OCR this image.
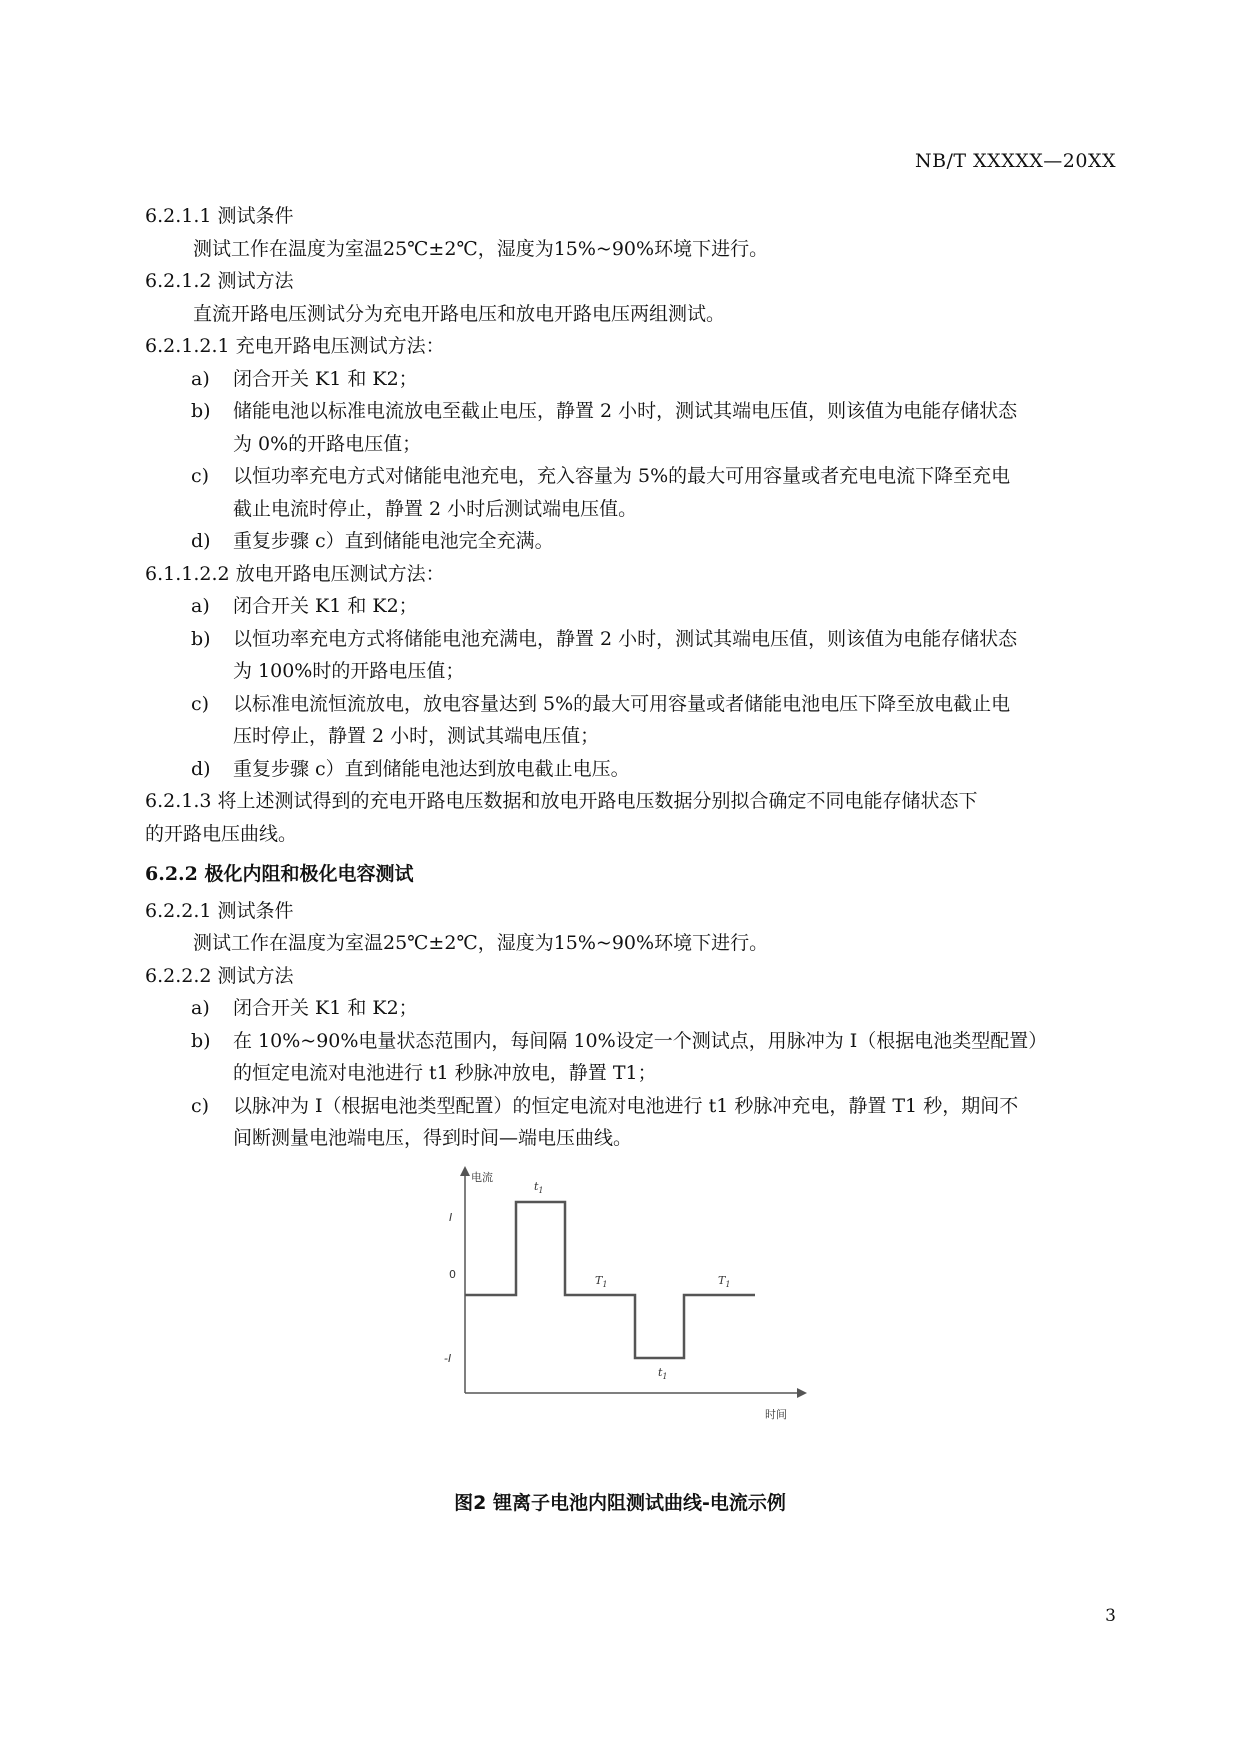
NB/T XXXXX—20XX
6.2.1.1 测试条件
测试工作在温度为室温25℃±2℃，湿度为15%~90%环境下进行。
6.2.1.2 测试方法
直流开路电压测试分为充电开路电压和放电开路电压两组测试。
6.2.1.2.1 充电开路电压测试方法：
a)	闭合开关 K1 和 K2；
b)	储能电池以标准电流放电至截止电压，静置 2 小时，测试其端电压值，则该值为电能存储状态
为 0%的开路电压值；
c)	以恒功率充电方式对储能电池充电，充入容量为 5%的最大可用容量或者充电电流下降至充电
截止电流时停止，静置 2 小时后测试端电压值。
d)	重复步骤 c）直到储能电池完全充满。
6.1.1.2.2 放电开路电压测试方法：
a)	闭合开关 K1 和 K2；
b)	以恒功率充电方式将储能电池充满电，静置 2 小时，测试其端电压值，则该值为电能存储状态
为 100%时的开路电压值；
c)	以标准电流恒流放电，放电容量达到 5%的最大可用容量或者储能电池电压下降至放电截止电
压时停止，静置 2 小时，测试其端电压值；
d)	重复步骤 c）直到储能电池达到放电截止电压。
6.2.1.3 将上述测试得到的充电开路电压数据和放电开路电压数据分别拟合确定不同电能存储状态下
的开路电压曲线。
6.2.2 极化内阻和极化电容测试
6.2.2.1 测试条件
测试工作在温度为室温25℃±2℃，湿度为15%~90%环境下进行。
6.2.2.2 测试方法
a)	闭合开关 K1 和 K2；
b)	在 10%~90%电量状态范围内，每间隔 10%设定一个测试点，用脉冲为 I（根据电池类型配置）
的恒定电流对电池进行 t1 秒脉冲放电，静置 T1；
c)	以脉冲为 I（根据电池类型配置）的恒定电流对电池进行 t1 秒脉冲充电，静置 T1 秒，期间不
间断测量电池端电压，得到时间—端电压曲线。
电流
时间
I
0
-I
$t_1$
$T_1$
$t_1$
$T_1$
图2 锂离子电池内阻测试曲线-电流示例
3
